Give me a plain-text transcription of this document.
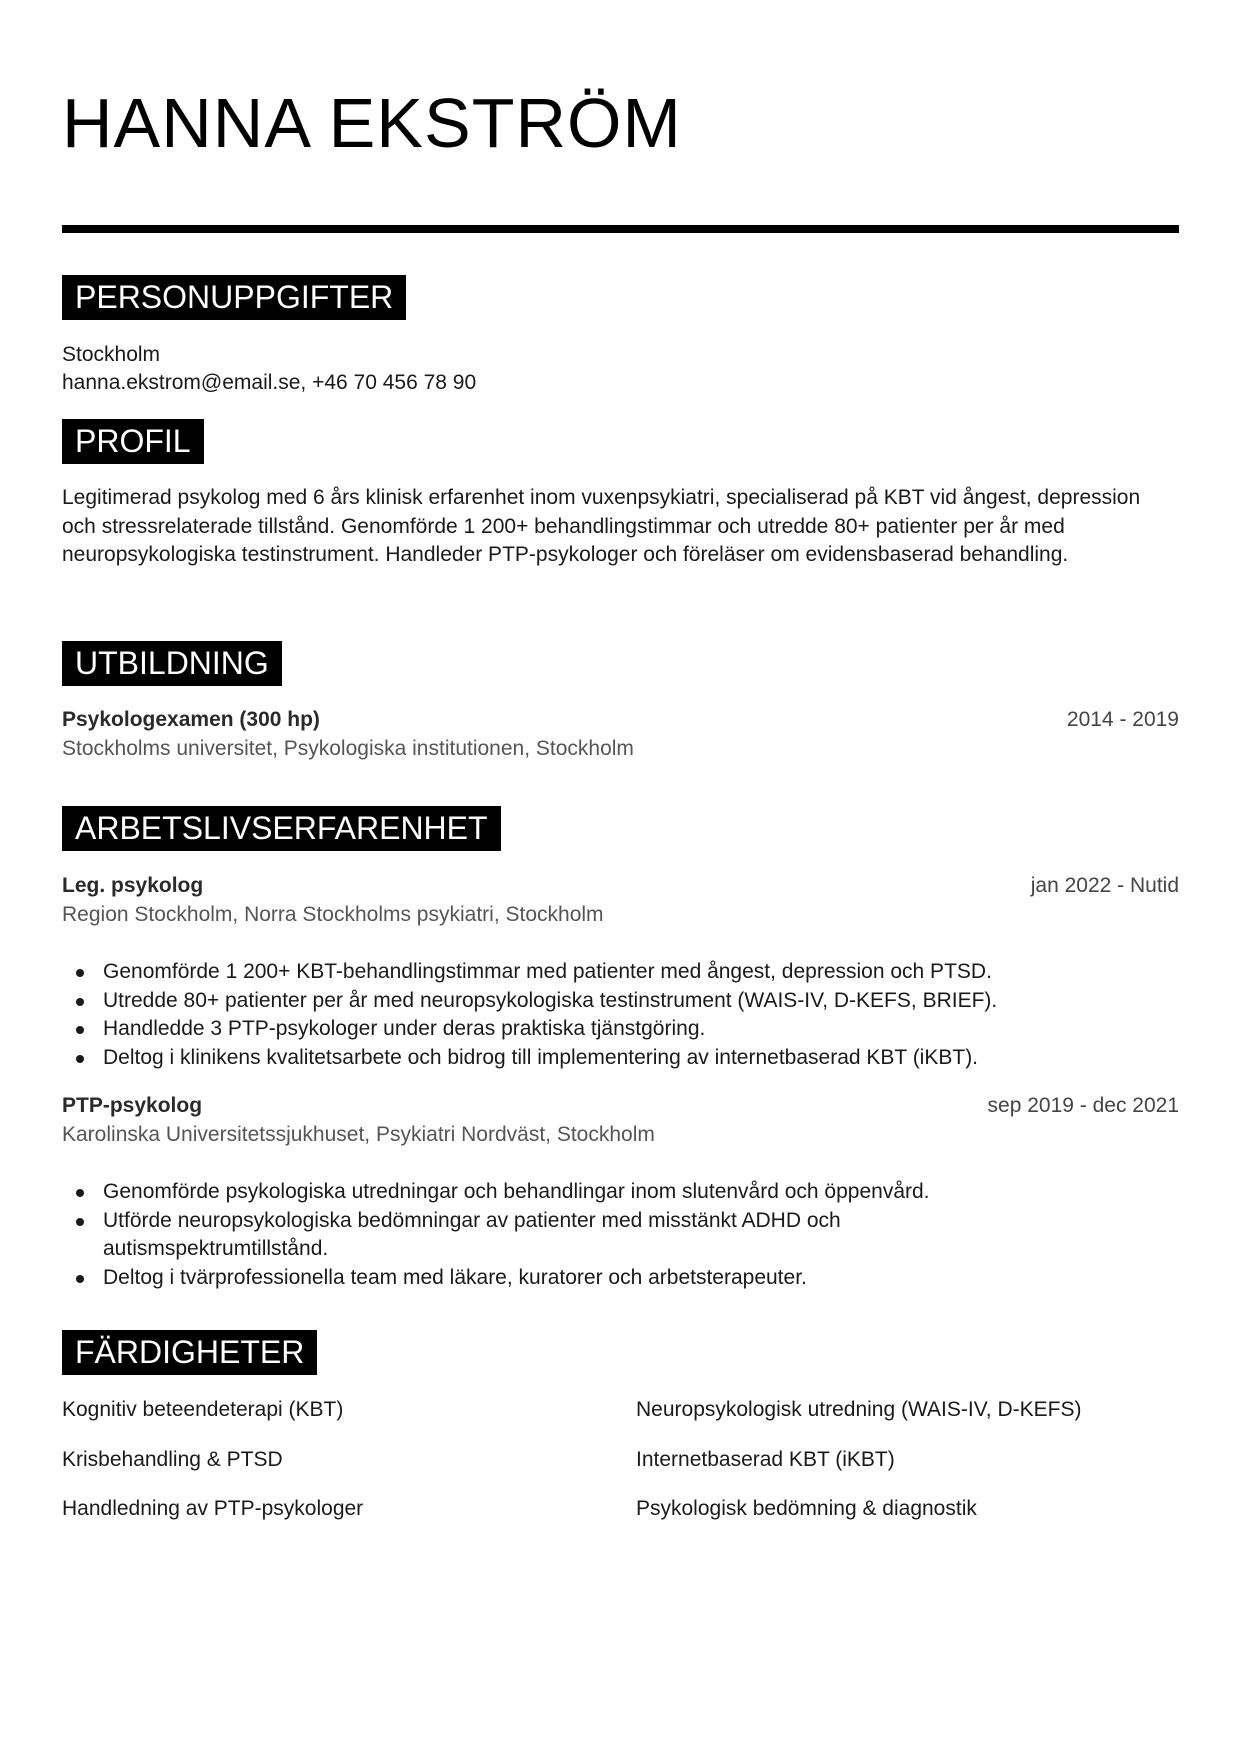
HANNA EKSTRÖM
PERSONUPPGIFTER
Stockholm
hanna.ekstrom@email.se, +46 70 456 78 90
PROFIL
Legitimerad psykolog med 6 års klinisk erfarenhet inom vuxenpsykiatri, specialiserad på KBT vid ångest, depression och stressrelaterade tillstånd. Genomförde 1 200+ behandlingstimmar och utredde 80+ patienter per år med neuropsykologiska testinstrument. Handleder PTP-psykologer och föreläser om evidensbaserad behandling.
UTBILDNING
Psykologexamen (300 hp)	2014 - 2019
Stockholms universitet, Psykologiska institutionen, Stockholm
ARBETSLIVSERFARENHET
Leg. psykolog	jan 2022 - Nutid
Region Stockholm, Norra Stockholms psykiatri, Stockholm
Genomförde 1 200+ KBT-behandlingstimmar med patienter med ångest, depression och PTSD.
Utredde 80+ patienter per år med neuropsykologiska testinstrument (WAIS-IV, D-KEFS, BRIEF).
Handledde 3 PTP-psykologer under deras praktiska tjänstgöring.
Deltog i klinikens kvalitetsarbete och bidrog till implementering av internetbaserad KBT (iKBT).
PTP-psykolog	sep 2019 - dec 2021
Karolinska Universitetssjukhuset, Psykiatri Nordväst, Stockholm
Genomförde psykologiska utredningar och behandlingar inom slutenvård och öppenvård.
Utförde neuropsykologiska bedömningar av patienter med misstänkt ADHD och autismspektrumtillstånd.
Deltog i tvärprofessionella team med läkare, kuratorer och arbetsterapeuter.
FÄRDIGHETER
Kognitiv beteendeterapi (KBT)	Neuropsykologisk utredning (WAIS-IV, D-KEFS)
Krisbehandling & PTSD	Internetbaserad KBT (iKBT)
Handledning av PTP-psykologer	Psykologisk bedömning & diagnostik
